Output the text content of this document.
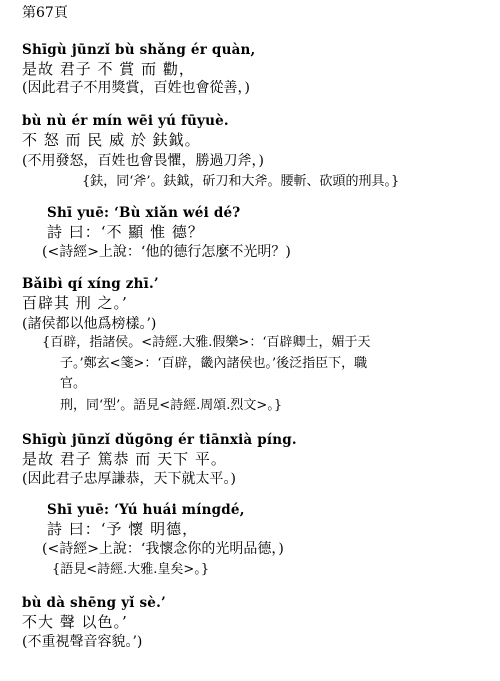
第67頁
Shīgù jūnzǐ bù shǎng ér quàn,
是故 君子 不 賞 而 勸，
(因此君子不用獎賞，百姓也會從善，)
bù nù ér mín wēi yú fūyuè.
不 怒 而 民 威 於 鈇鉞。
(不用發怒，百姓也會畏懼，勝過刀斧，)
{鈇，同‘斧’。鈇鉞，斫刀和大斧。腰斬、砍頭的刑具。}
Shī yuē: ‘Bù xiǎn wéi dé?
詩 曰：‘不 顯 惟 德？
(<詩經>上說：‘他的德行怎麼不光明？)
Bǎibì qí xíng zhī.’
百辟其 刑 之。’
(諸侯都以他爲榜樣。’)
{百辟，指諸侯。<詩經.大雅.假樂>：‘百辟卿士，媚于天
子。’鄭玄<箋>：‘百辟，畿內諸侯也。’後泛指臣下，職
官。
刑，同‘型’。語見<詩經.周頌.烈文>。}
Shīgù jūnzǐ dǔgōng ér tiānxià píng.
是故 君子 篤恭 而 天下 平。
(因此君子忠厚謙恭，天下就太平。)
Shī yuē: ‘Yú huái míngdé,
詩 曰：‘予 懷 明德，
(<詩經>上說：‘我懷念你的光明品德，)
{語見<詩經.大雅.皇矣>。}
bù dà shēng yǐ sè.’
不大 聲 以色。’
(不重視聲音容貌。’)
